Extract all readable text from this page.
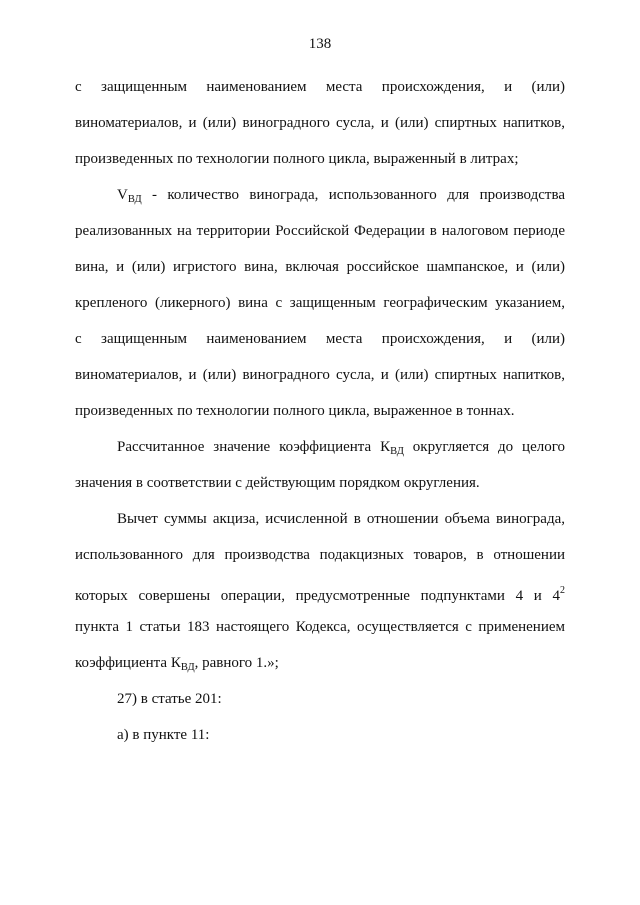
138
с защищенным наименованием места происхождения, и (или)
виноматериалов, и (или) виноградного сусла, и (или) спиртных напитков,
произведенных по технологии полного цикла, выраженный в литрах;
$V_{ВД}$ - количество винограда, использованного для производства
реализованных на территории Российской Федерации в налоговом периоде
вина, и (или) игристого вина, включая российское шампанское, и (или)
крепленого (ликерного) вина с защищенным географическим указанием,
с защищенным наименованием места происхождения, и (или)
виноматериалов, и (или) виноградного сусла, и (или) спиртных напитков,
произведенных по технологии полного цикла, выраженное в тоннах.
Рассчитанное значение коэффициента $К_{ВД}$ округляется до целого
значения в соответствии с действующим порядком округления.
Вычет суммы акциза, исчисленной в отношении объема винограда,
использованного для производства подакцизных товаров, в отношении
которых совершены операции, предусмотренные подпунктами 4 и $4^2$
пункта 1 статьи 183 настоящего Кодекса, осуществляется с применением
коэффициента $К_{ВД}$, равного 1.»;
27) в статье 201:
а) в пункте 11:
